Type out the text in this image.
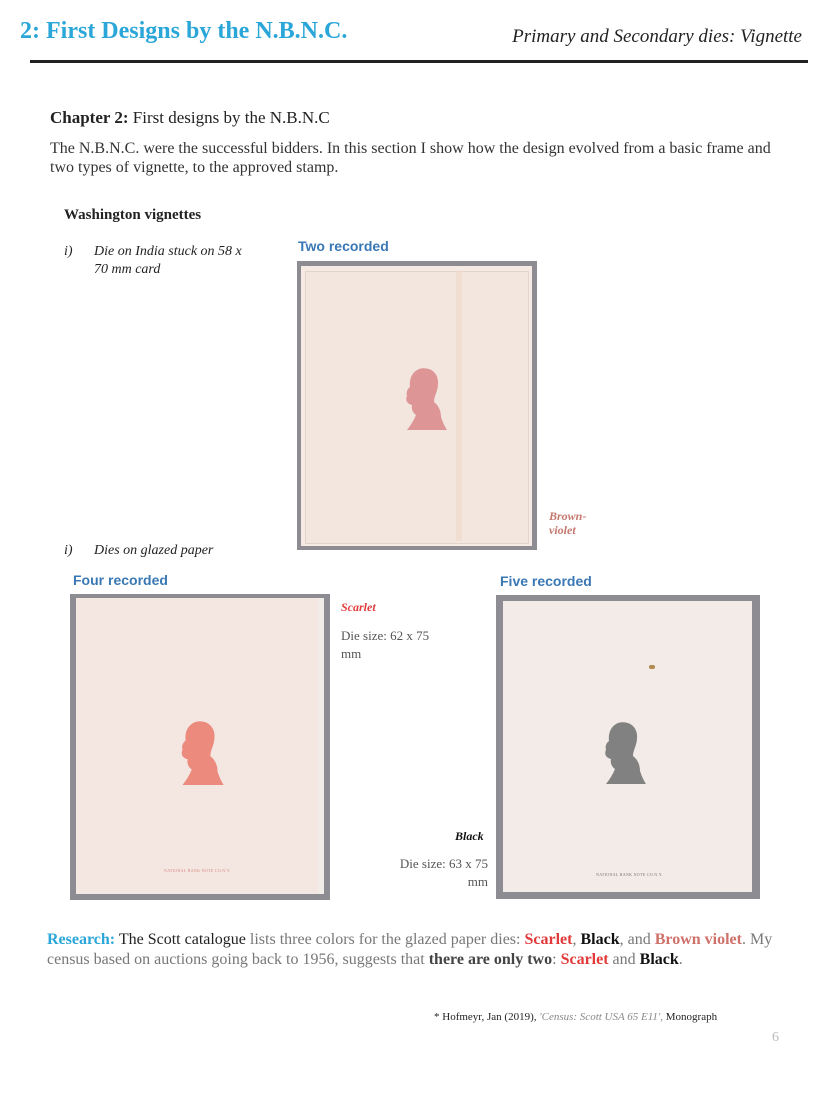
2: First Designs by the N.B.N.C.	Primary and Secondary dies: Vignette
Chapter 2: First designs by the N.B.N.C
The N.B.N.C. were the successful bidders. In this section I show how the design evolved from a basic frame and two types of vignette, to the approved stamp.
Washington vignettes
i) Die on India stuck on 58 x 70 mm card
Two recorded
Brown-violet
i) Dies on glazed paper
Four recorded
NATIONAL BANK NOTE CO.N.Y.
Scarlet
Die size: 62 x 75 mm
Five recorded
NATIONAL BANK NOTE CO.N.Y.
Black
Die size: 63 x 75 mm
Research: The Scott catalogue lists three colors for the glazed paper dies: Scarlet, Black, and Brown violet. My census based on auctions going back to 1956, suggests that there are only two: Scarlet and Black.
* Hofmeyr, Jan (2019), 'Census: Scott USA 65 E11', Monograph
6
